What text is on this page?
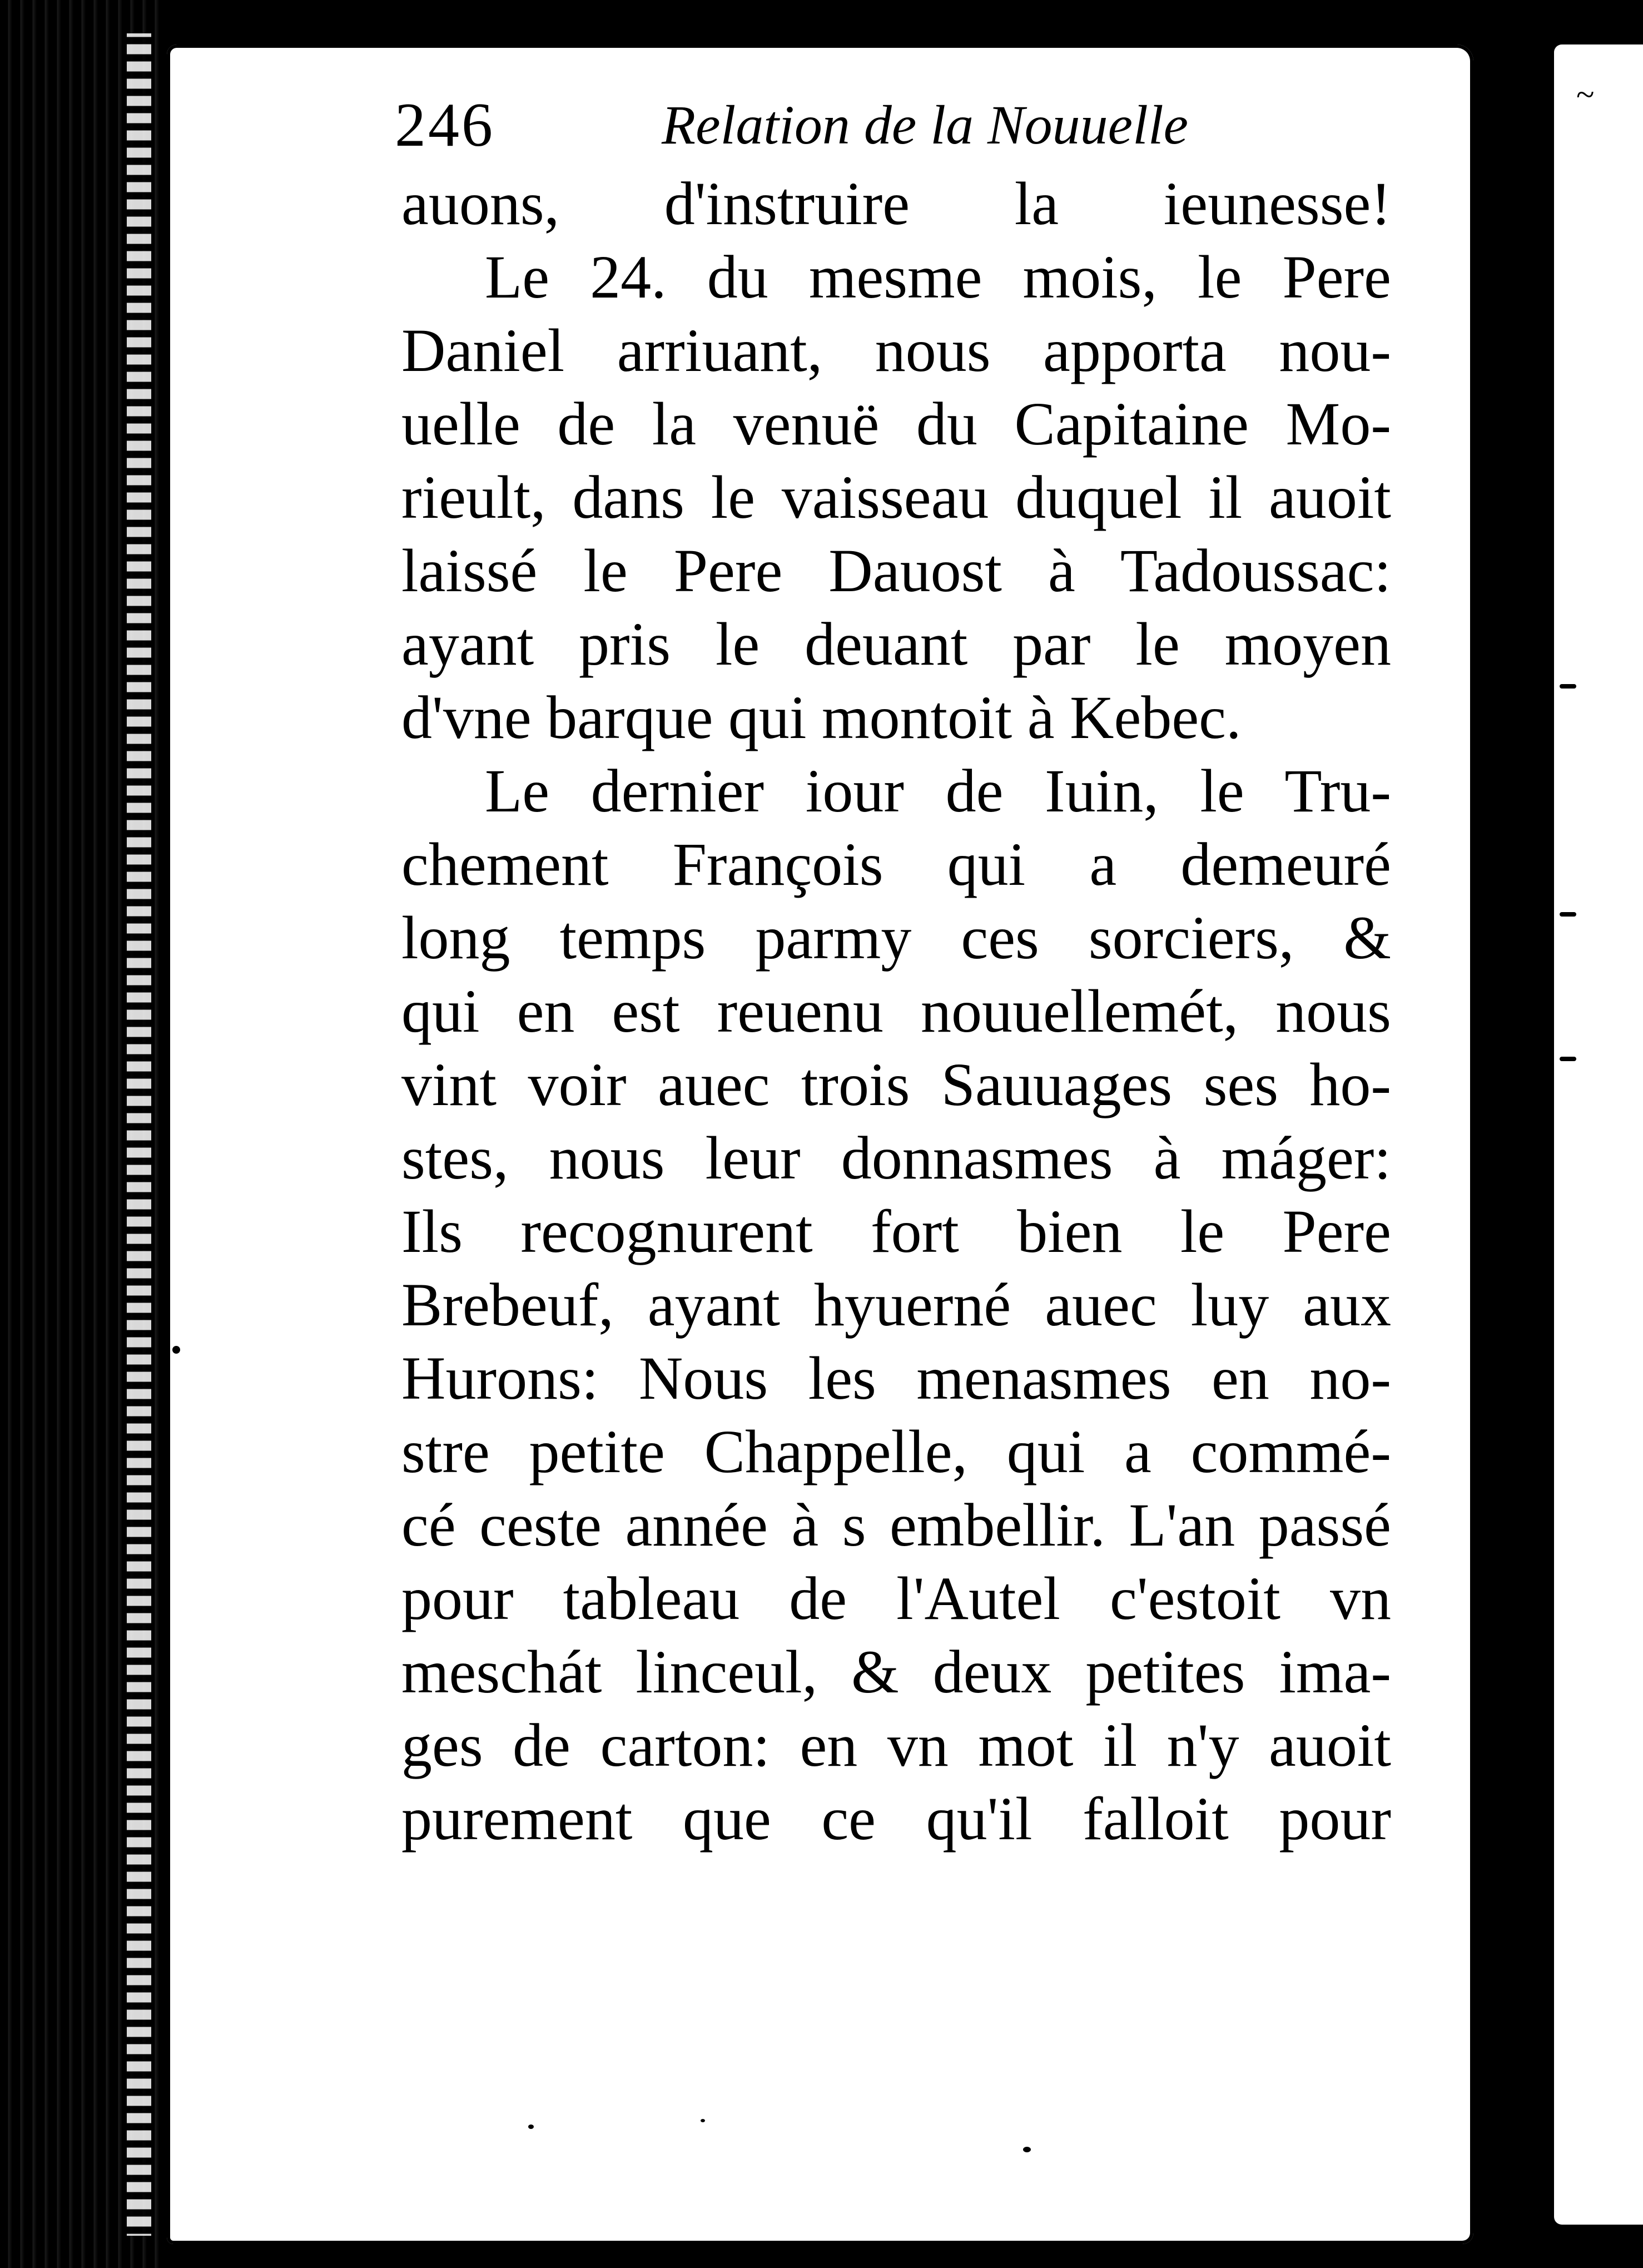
~
246	Relation de la Nouuelle
auons, d'instruire la ieunesse!
Le 24. du mesme mois, le Pere
Daniel arriuant, nous apporta nou-
uelle de la venuë du Capitaine Mo-
rieult, dans le vaisseau duquel il auoit
laissé le Pere Dauost à Tadoussac:
ayant pris le deuant par le moyen
d'vne barque qui montoit à Kebec.
Le dernier iour de Iuin, le Tru-
chement François qui a demeuré
long temps parmy ces sorciers, &
qui en est reuenu nouuellemét, nous
vint voir auec trois Sauuages ses ho-
stes, nous leur donnasmes à máger:
Ils recognurent fort bien le Pere
Brebeuf, ayant hyuerné auec luy aux
Hurons: Nous les menasmes en no-
stre petite Chappelle, qui a commé-
cé ceste année à s embellir. L'an passé
pour tableau de l'Autel c'estoit vn
meschát linceul, & deux petites ima-
ges de carton: en vn mot il n'y auoit
purement que ce qu'il falloit pour
